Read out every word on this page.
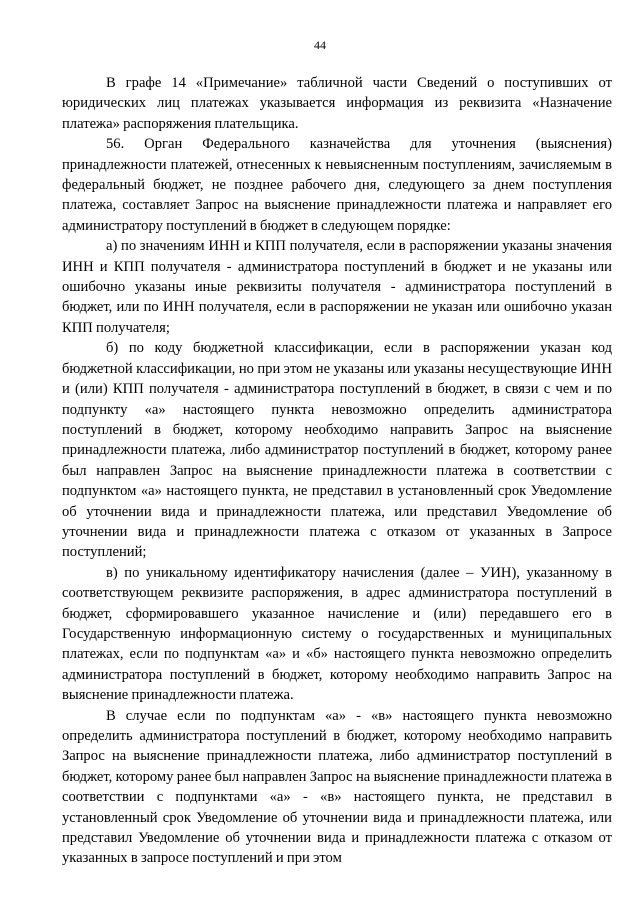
44

В графе 14 «Примечание» табличной части Сведений о поступивших от юридических лиц платежах указывается информация из реквизита «Назначение платежа» распоряжения плательщика.

56. Орган Федерального казначейства для уточнения (выяснения) принадлежности платежей, отнесенных к невыясненным поступлениям, зачисляемым в федеральный бюджет, не позднее рабочего дня, следующего за днем поступления платежа, составляет Запрос на выяснение принадлежности платежа и направляет его администратору поступлений в бюджет в следующем порядке:

а) по значениям ИНН и КПП получателя, если в распоряжении указаны значения ИНН и КПП получателя - администратора поступлений в бюджет и не указаны или ошибочно указаны иные реквизиты получателя - администратора поступлений в бюджет, или по ИНН получателя, если в распоряжении не указан или ошибочно указан КПП получателя;

б) по коду бюджетной классификации, если в распоряжении указан код бюджетной классификации, но при этом не указаны или указаны несуществующие ИНН и (или) КПП получателя - администратора поступлений в бюджет, в связи с чем и по подпункту «а» настоящего пункта невозможно определить администратора поступлений в бюджет, которому необходимо направить Запрос на выяснение принадлежности платежа, либо администратор поступлений в бюджет, которому ранее был направлен Запрос на выяснение принадлежности платежа в соответствии с подпунктом «а» настоящего пункта, не представил в установленный срок Уведомление об уточнении вида и принадлежности платежа, или представил Уведомление об уточнении вида и принадлежности платежа с отказом от указанных в Запросе поступлений;

в) по уникальному идентификатору начисления (далее – УИН), указанному в соответствующем реквизите распоряжения, в адрес администратора поступлений в бюджет, сформировавшего указанное начисление и (или) передавшего его в Государственную информационную систему о государственных и муниципальных платежах, если по подпунктам «а» и «б» настоящего пункта невозможно определить администратора поступлений в бюджет, которому необходимо направить Запрос на выяснение принадлежности платежа.

В случае если по подпунктам «а» - «в» настоящего пункта невозможно определить администратора поступлений в бюджет, которому необходимо направить Запрос на выяснение принадлежности платежа, либо администратор поступлений в бюджет, которому ранее был направлен Запрос на выяснение принадлежности платежа в соответствии с подпунктами «а» - «в» настоящего пункта, не представил в установленный срок Уведомление об уточнении вида и принадлежности платежа, или представил Уведомление об уточнении вида и принадлежности платежа с отказом от указанных в запросе поступлений и при этом
